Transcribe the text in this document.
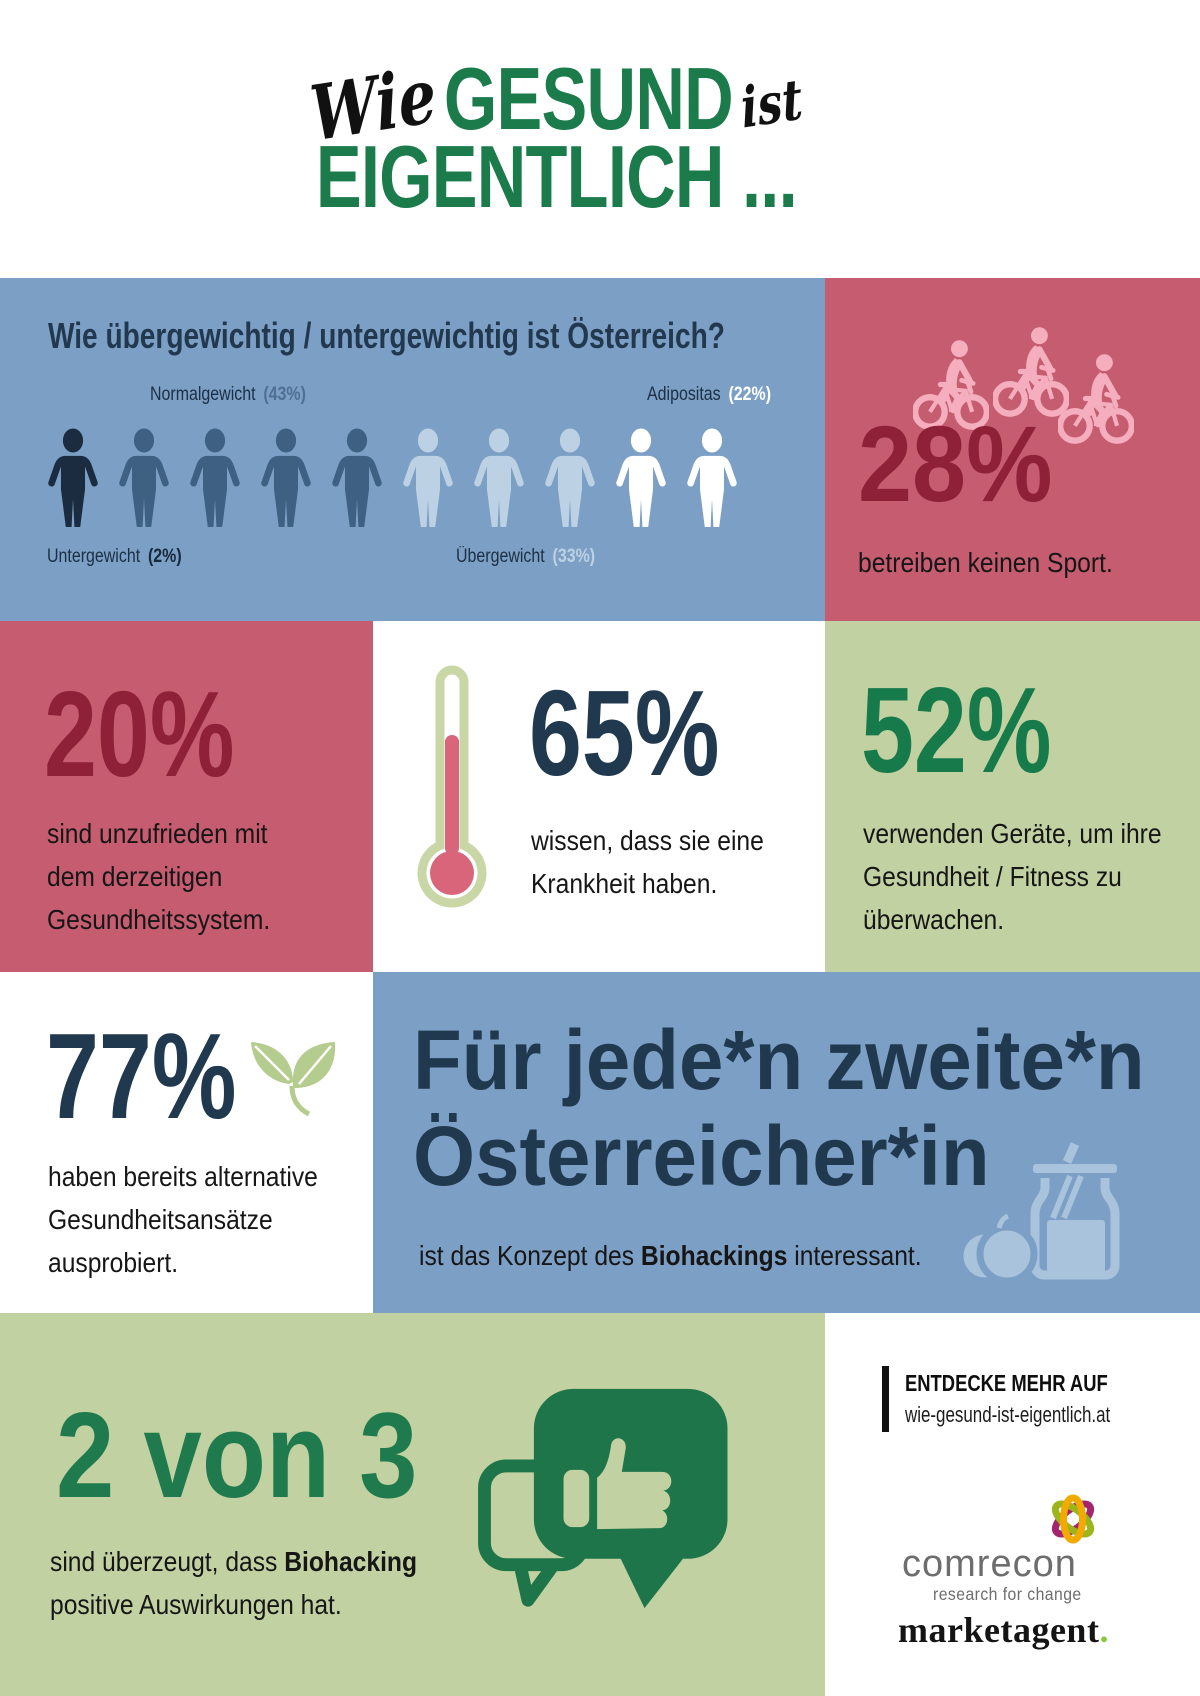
WieGESUNDist
EIGENTLICH ...
Wie übergewichtig / untergewichtig ist Österreich?
Normalgewicht (43%)	Adipositas (22%)
Untergewicht (2%)	Übergewicht (33%)
28%
betreiben keinen Sport.
20%
sind unzufrieden mit
dem derzeitigen
Gesundheitssystem.
65%
wissen, dass sie eine
Krankheit haben.
52%
verwenden Geräte, um ihre
Gesundheit / Fitness zu
überwachen.
77%
haben bereits alternative
Gesundheitsansätze
ausprobiert.
Für jede*n zweite*n
Österreicher*in
ist das Konzept des Biohackings interessant.
2 von 3
sind überzeugt, dass Biohacking
positive Auswirkungen hat.
ENTDECKE MEHR AUF
wie-gesund-ist-eigentlich.at
comrecon
research for change
marketagent.
